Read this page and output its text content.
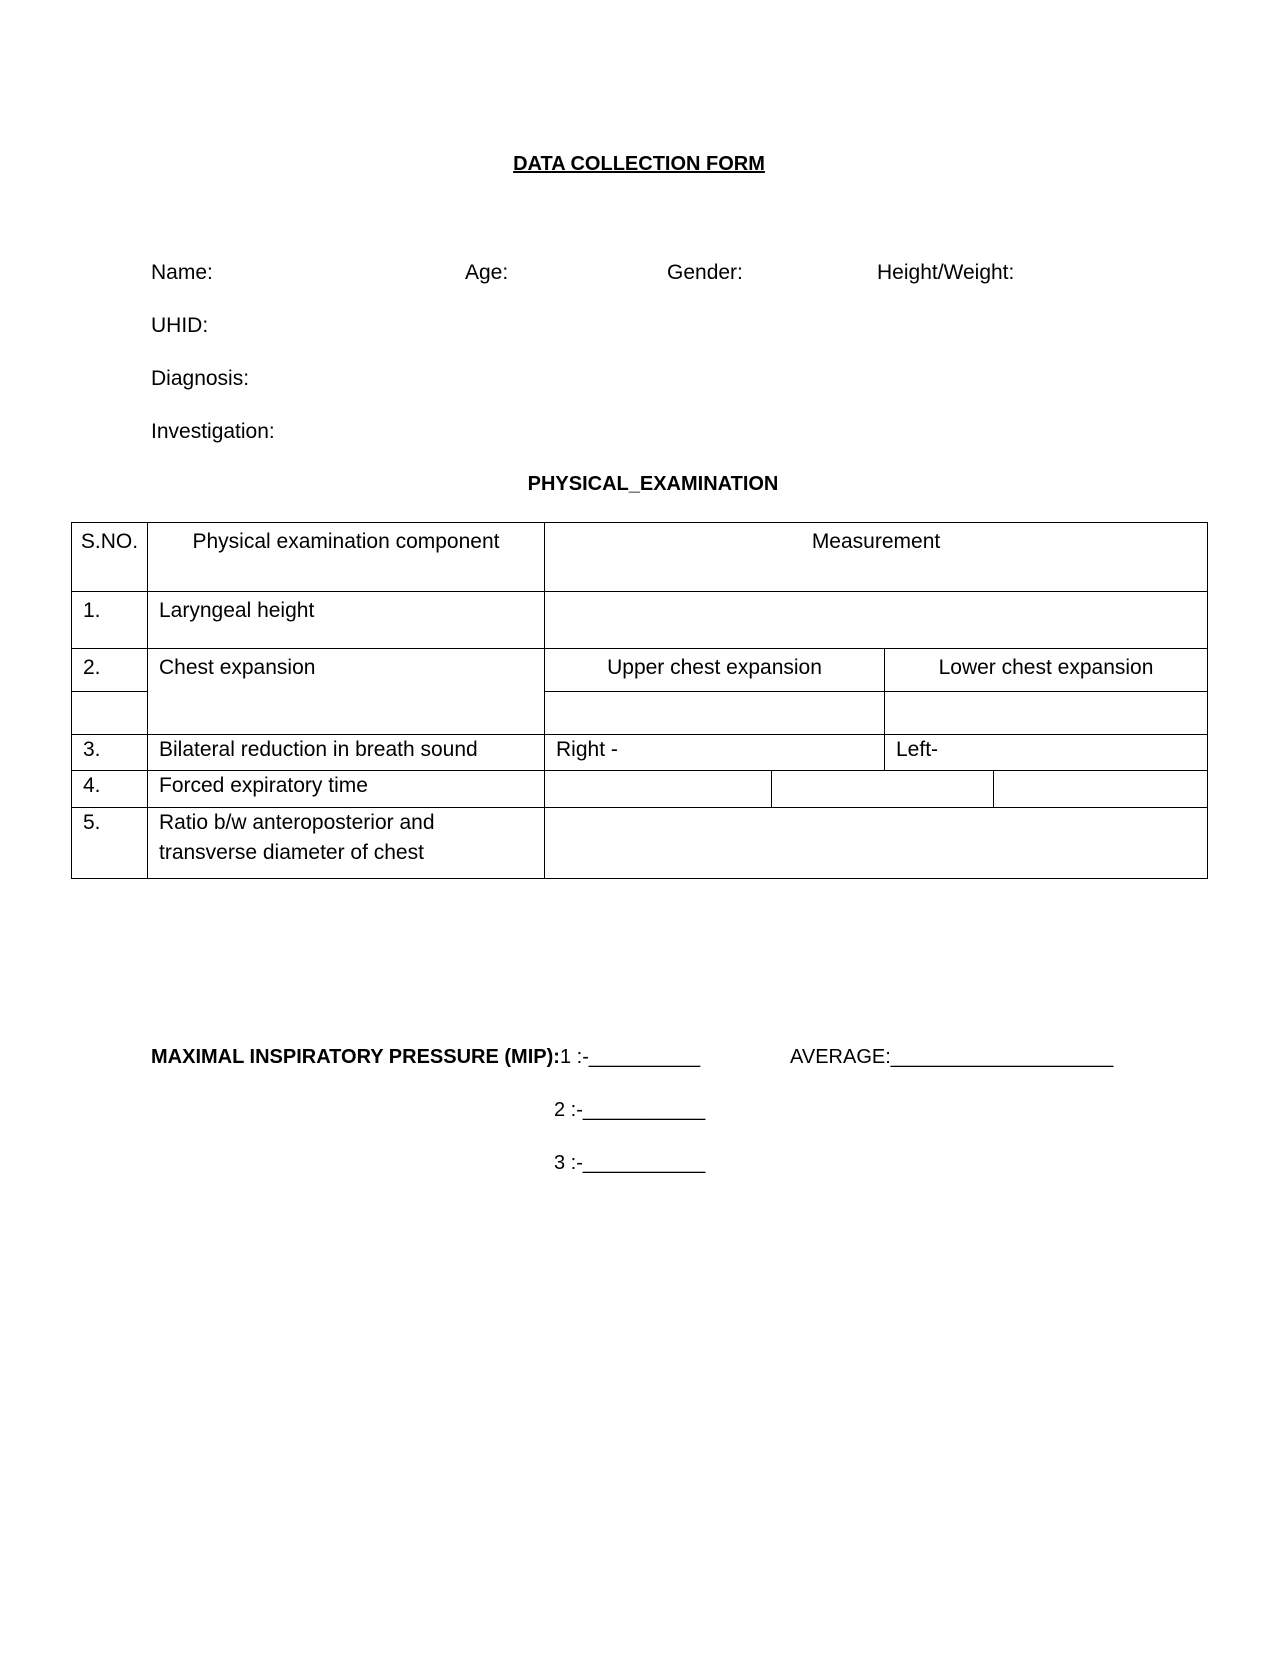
DATA COLLECTION FORM
Name:	Age:	Gender:	Height/Weight:
UHID:
Diagnosis:
Investigation:
PHYSICAL_EXAMINATION
S.NO.	Physical examination component	Measurement			
1.	Laryngeal height				
2.	Chest expansion	Upper chest expansion		Lower chest expansion	

3.	Bilateral reduction in breath sound	Right -		Left-	
4.	Forced expiratory time				
5.	Ratio b/w anteroposterior and
transverse diameter of chest				

MAXIMAL INSPIRATORY PRESSURE (MIP): 1 :-__________	AVERAGE:____________________
2 :-___________
3 :-___________
